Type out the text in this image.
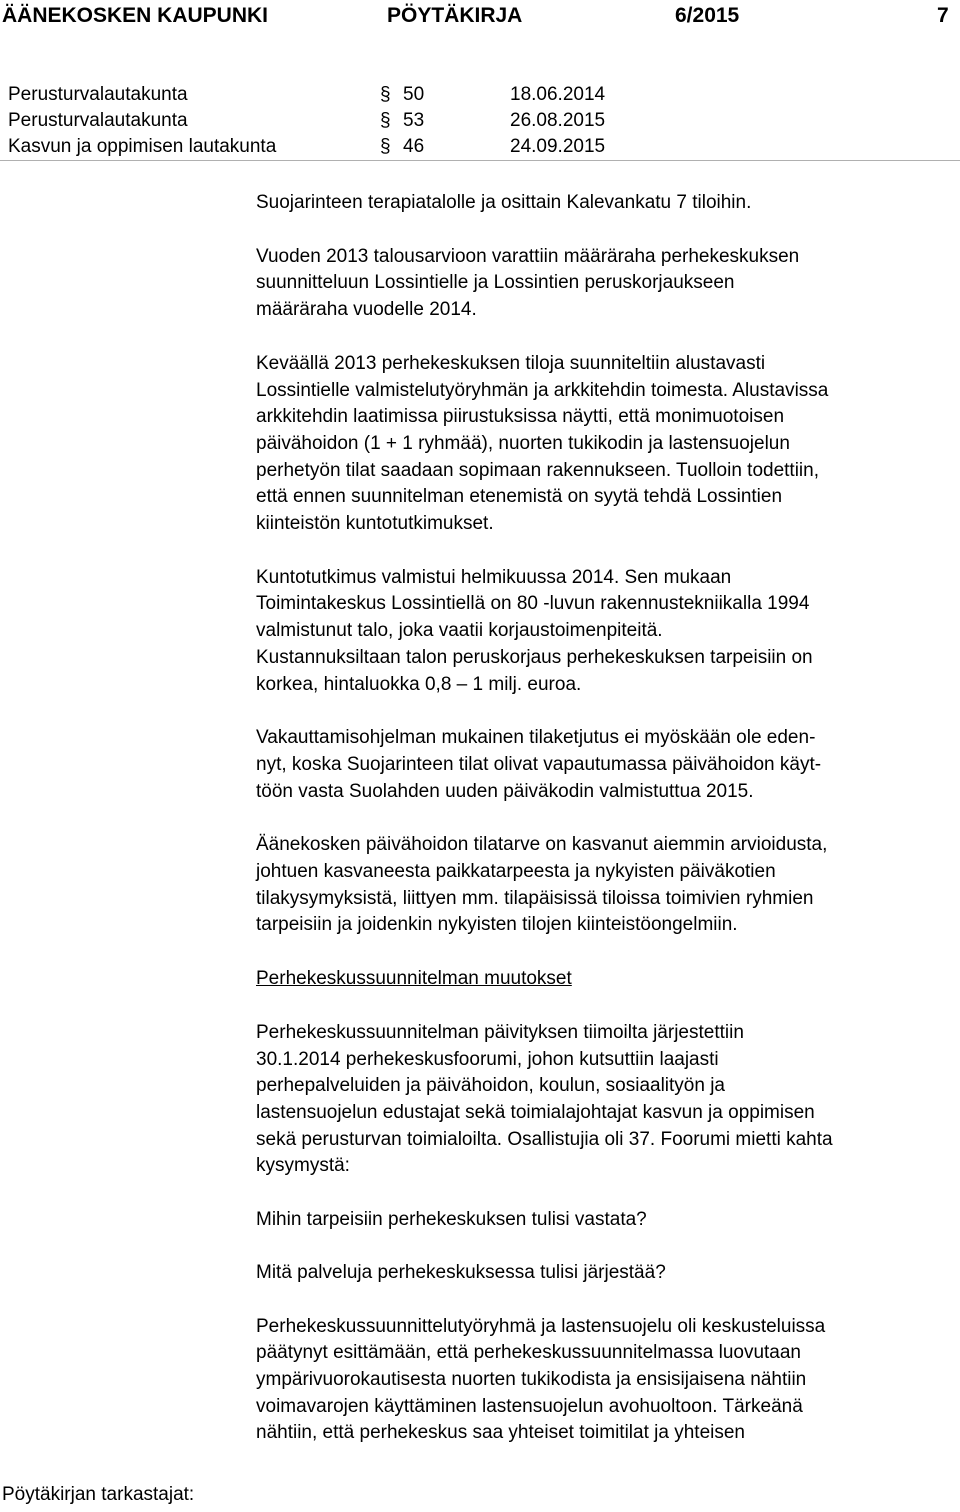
ÄÄNEKOSKEN KAUPUNKI	PÖYTÄKIRJA	6/2015	7
Perusturvalautakunta	§ 50	18.06.2014
Perusturvalautakunta	§ 53	26.08.2015
Kasvun ja oppimisen lautakunta	§ 46	24.09.2015

Suojarinteen terapiatalolle ja osittain Kalevankatu 7 tiloihin.

Vuoden 2013 talousarvioon varattiin määräraha perhekeskuksen
suunnitteluun Lossintielle ja Lossintien peruskorjaukseen
määräraha vuodelle 2014.

Keväällä 2013 perhekeskuksen tiloja suunniteltiin alustavasti
Lossintielle valmistelutyöryhmän ja arkkitehdin toimesta. Alustavissa
arkkitehdin laatimissa piirustuksissa näytti, että monimuotoisen
päivähoidon (1 + 1 ryhmää), nuorten tukikodin ja lastensuojelun
perhetyön tilat saadaan sopimaan rakennukseen. Tuolloin todettiin,
että ennen suunnitelman etenemistä on syytä tehdä Lossintien
kiinteistön kuntotutkimukset.

Kuntotutkimus valmistui helmikuussa 2014. Sen mukaan
Toimintakeskus Lossintiellä on 80 -luvun rakennustekniikalla 1994
valmistunut talo, joka vaatii korjaustoimenpiteitä.
Kustannuksiltaan talon peruskorjaus perhekeskuksen tarpeisiin on
korkea, hintaluokka 0,8 – 1 milj. euroa.

Vakauttamisohjelman mukainen tilaketjutus ei myöskään ole eden-
nyt, koska Suojarinteen tilat olivat vapautumassa päivähoidon käyt-
töön vasta Suolahden uuden päiväkodin valmistuttua 2015.

Äänekosken päivähoidon tilatarve on kasvanut aiemmin arvioidusta,
johtuen kasvaneesta paikkatarpeesta ja nykyisten päiväkotien
tilakysymyksistä, liittyen mm. tilapäisissä tiloissa toimivien ryhmien
tarpeisiin ja joidenkin nykyisten tilojen kiinteistöongelmiin.

Perhekeskussuunnitelman muutokset

Perhekeskussuunnitelman päivityksen tiimoilta järjestettiin
30.1.2014 perhekeskusfoorumi, johon kutsuttiin laajasti
perhepalveluiden ja päivähoidon, koulun, sosiaalityön ja
lastensuojelun edustajat sekä toimialajohtajat kasvun ja oppimisen
sekä perusturvan toimialoilta. Osallistujia oli 37. Foorumi mietti kahta
kysymystä:

Mihin tarpeisiin perhekeskuksen tulisi vastata?

Mitä palveluja perhekeskuksessa tulisi järjestää?

Perhekeskussuunnittelutyöryhmä ja lastensuojelu oli keskusteluissa
päätynyt esittämään, että perhekeskussuunnitelmassa luovutaan
ympärivuorokautisesta nuorten tukikodista ja ensisijaisena nähtiin
voimavarojen käyttäminen lastensuojelun avohuoltoon. Tärkeänä
nähtiin, että perhekeskus saa yhteiset toimitilat ja yhteisen

Pöytäkirjan tarkastajat:
